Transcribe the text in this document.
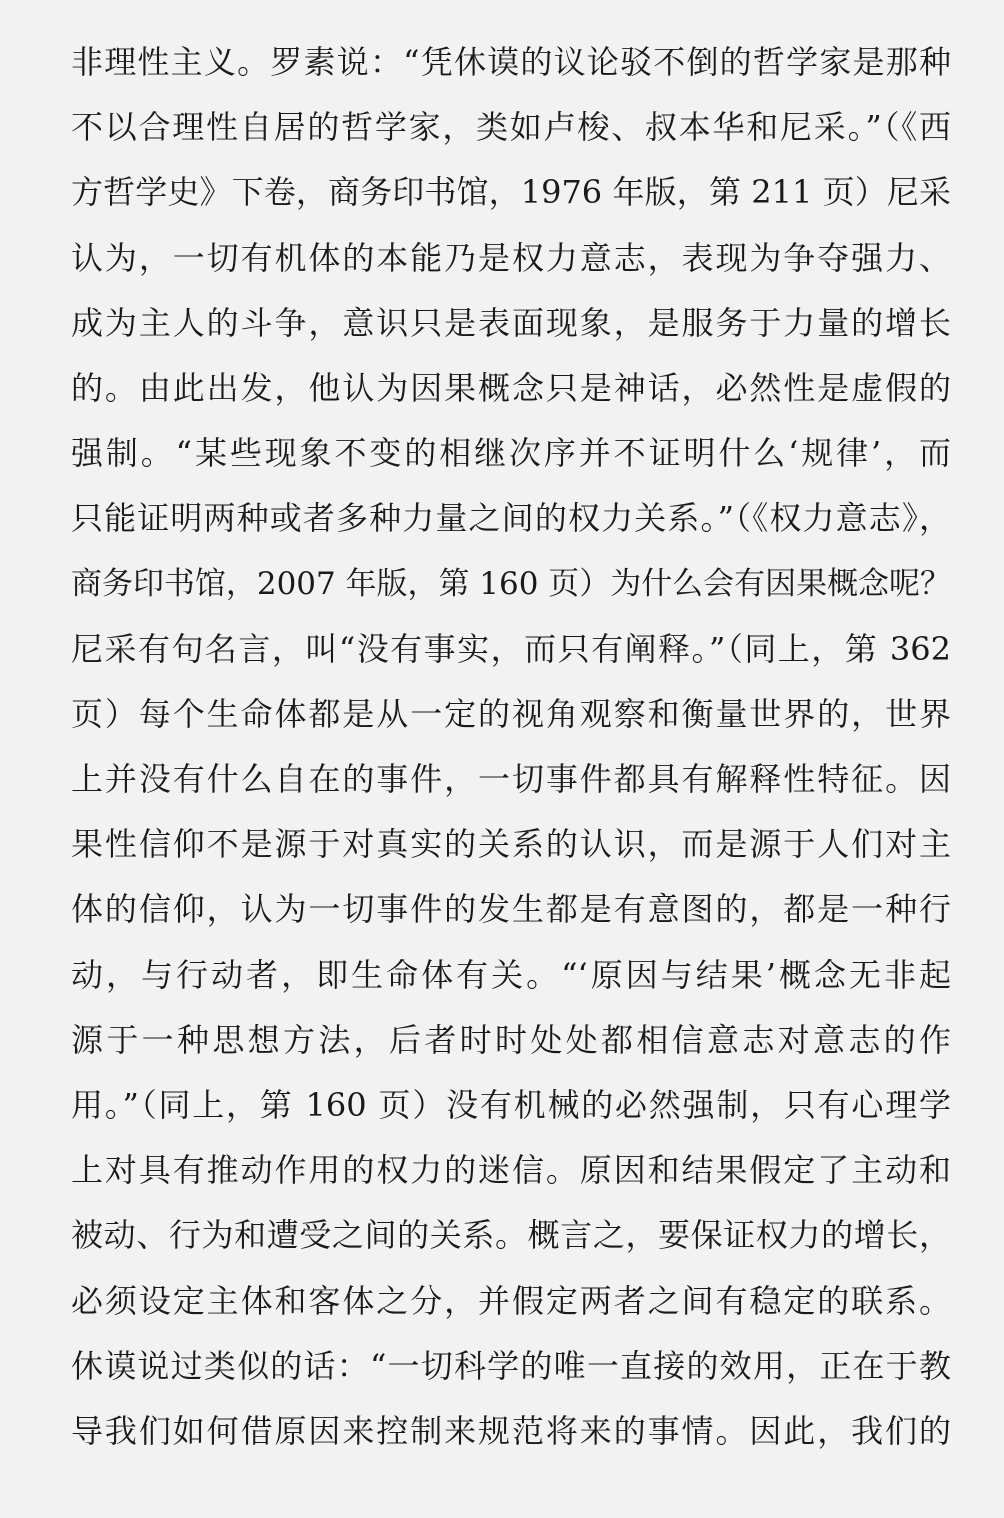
非理性主义。罗素说：“凭休谟的议论驳不倒的哲学家是那种
不以合理性自居的哲学家，类如卢梭、叔本华和尼采。”（《西
方哲学史》下卷，商务印书馆，1976 年版，第 211 页）尼采
认为，一切有机体的本能乃是权力意志，表现为争夺强力、
成为主人的斗争，意识只是表面现象，是服务于力量的增长
的。由此出发，他认为因果概念只是神话，必然性是虚假的
强制。“某些现象不变的相继次序并不证明什么‘规律’，而
只能证明两种或者多种力量之间的权力关系。”（《权力意志》，
商务印书馆，2007 年版，第 160 页）为什么会有因果概念呢？
尼采有句名言，叫“没有事实，而只有阐释。”（同上，第 362
页）每个生命体都是从一定的视角观察和衡量世界的，世界
上并没有什么自在的事件，一切事件都具有解释性特征。因
果性信仰不是源于对真实的关系的认识，而是源于人们对主
体的信仰，认为一切事件的发生都是有意图的，都是一种行
动，与行动者，即生命体有关。“‘原因与结果’概念无非起
源于一种思想方法，后者时时处处都相信意志对意志的作
用。”（同上，第 160 页）没有机械的必然强制，只有心理学
上对具有推动作用的权力的迷信。原因和结果假定了主动和
被动、行为和遭受之间的关系。概言之，要保证权力的增长，
必须设定主体和客体之分，并假定两者之间有稳定的联系。
休谟说过类似的话：“一切科学的唯一直接的效用，正在于教
导我们如何借原因来控制来规范将来的事情。因此，我们的
